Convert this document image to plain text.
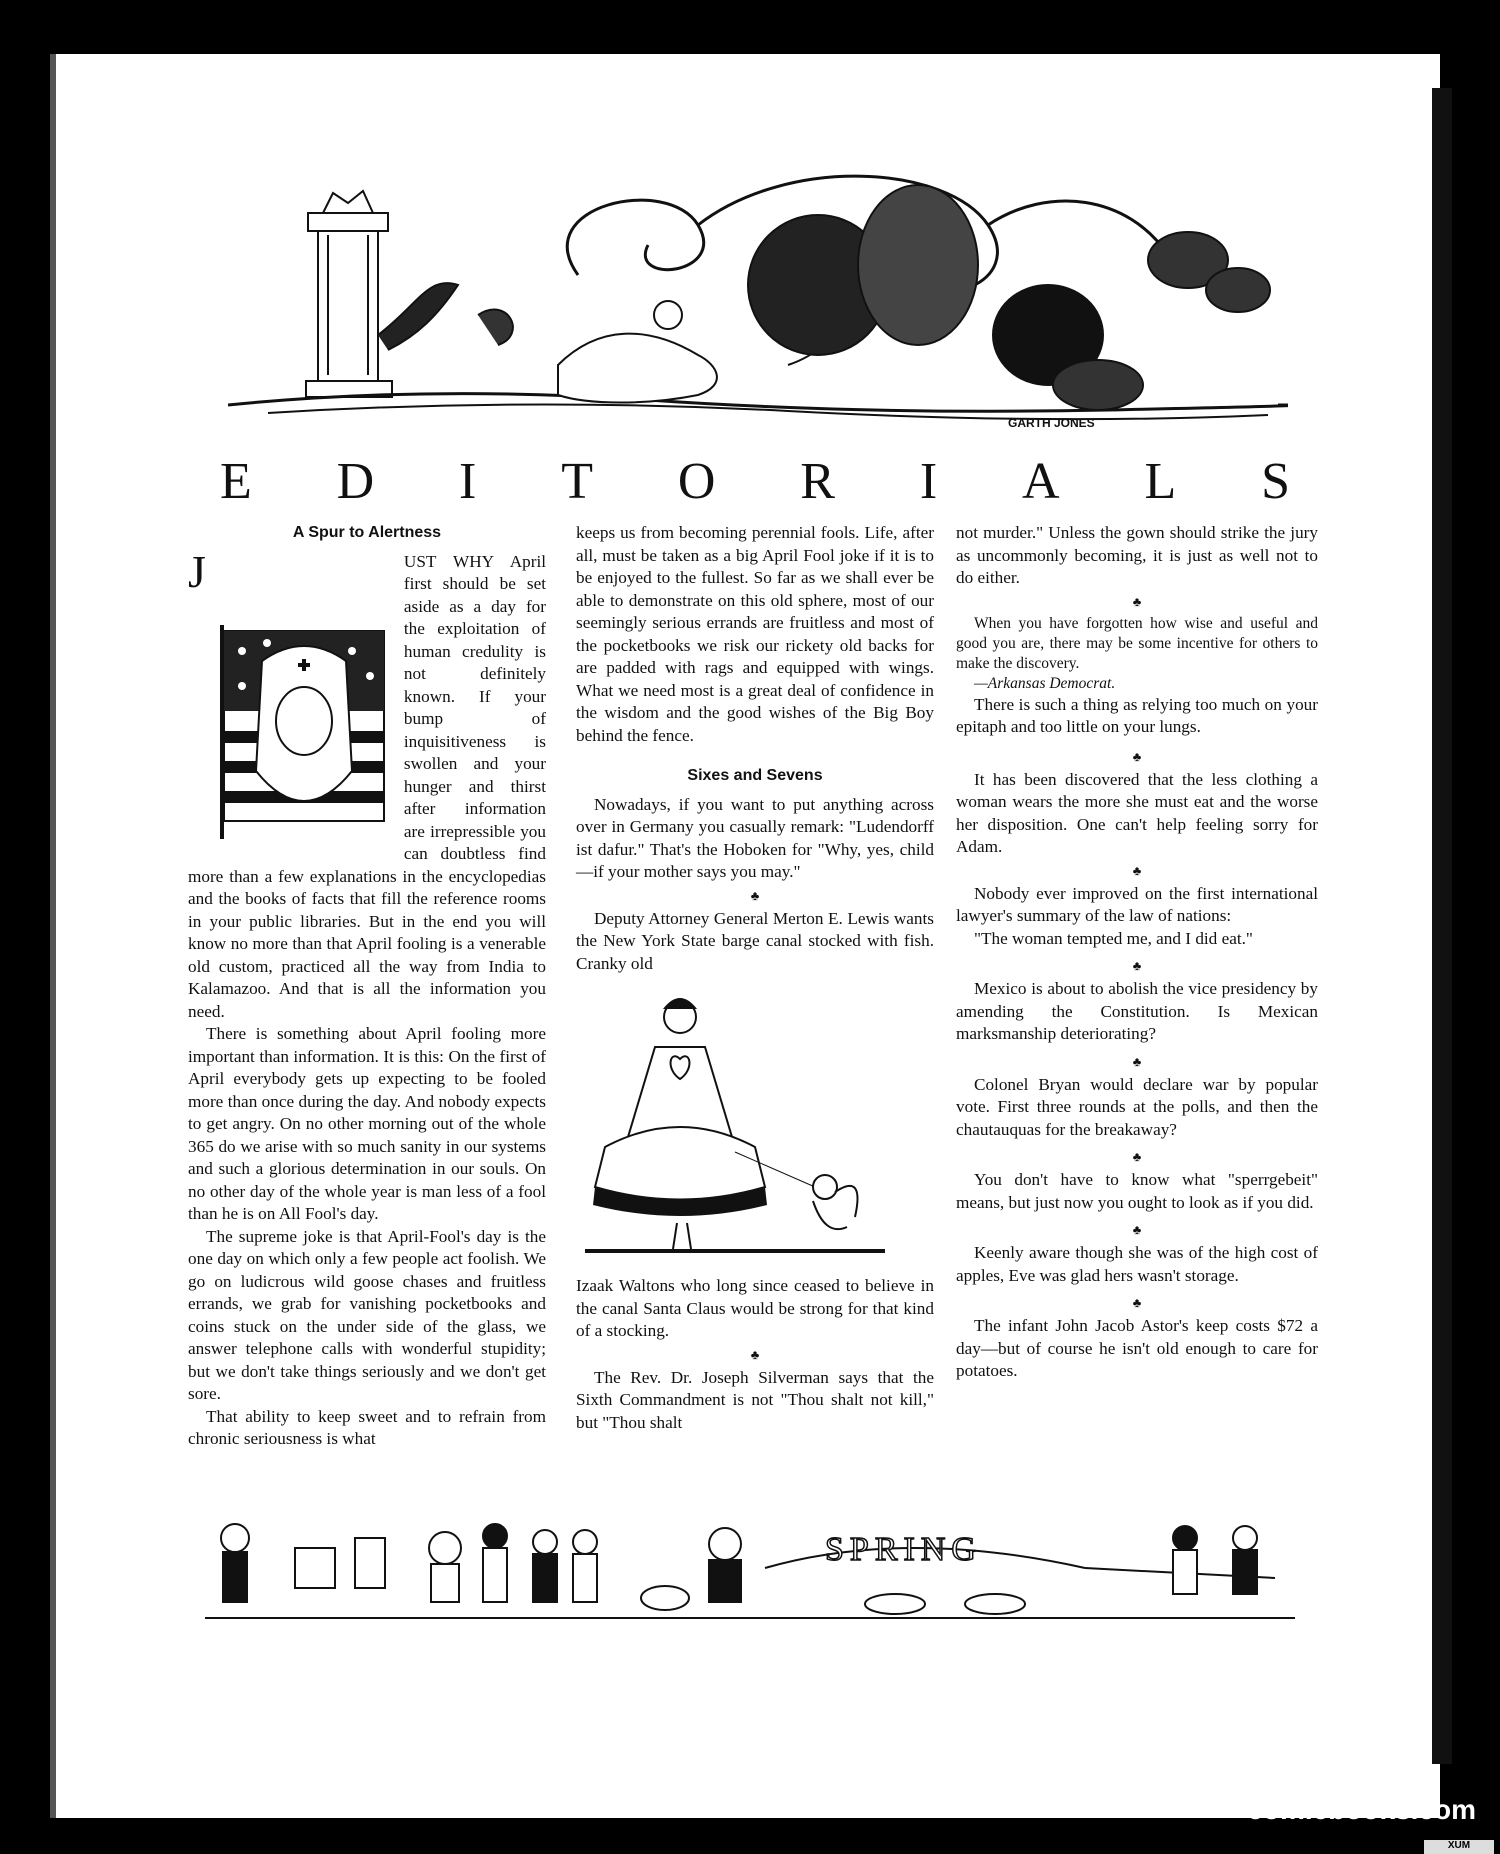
GARTH JONES
E D I T O R I A L S
A Spur to Alertness

J	UST WHY April first should be set aside as a day for the exploitation of human credulity is not definitely known. If your bump of inquisitiveness is swollen and your hunger and thirst after information are irrepressible you can doubtless find more than a few explanations in the encyclopedias and the books of facts that fill the reference rooms in your public libraries. But in the end you will know no more than that April fooling is a venerable old custom, practiced all the way from India to Kalamazoo. And that is all the information you need.

There is something about April fooling more important than information. It is this: On the first of April everybody gets up expecting to be fooled more than once during the day. And nobody expects to get angry. On no other morning out of the whole 365 do we arise with so much sanity in our systems and such a glorious determination in our souls. On no other day of the whole year is man less of a fool than he is on All Fool's day.

The supreme joke is that April-Fool's day is the one day on which only a few people act foolish. We go on ludicrous wild goose chases and fruitless errands, we grab for vanishing pocketbooks and coins stuck on the under side of the glass, we answer telephone calls with wonderful stupidity; but we don't take things seriously and we don't get sore.

That ability to keep sweet and to refrain from chronic seriousness is what

keeps us from becoming perennial fools. Life, after all, must be taken as a big April Fool joke if it is to be enjoyed to the fullest. So far as we shall ever be able to demonstrate on this old sphere, most of our seemingly serious errands are fruitless and most of the pocketbooks we risk our rickety old backs for are padded with rags and equipped with wings. What we need most is a great deal of confidence in the wisdom and the good wishes of the Big Boy behind the fence.

Sixes and Sevens

Nowadays, if you want to put anything across over in Germany you casually remark: "Ludendorff ist dafur." That's the Hoboken for "Why, yes, child—if your mother says you may."

♣

Deputy Attorney General Merton E. Lewis wants the New York State barge canal stocked with fish. Cranky old

Izaak Waltons who long since ceased to believe in the canal Santa Claus would be strong for that kind of a stocking.

♣

The Rev. Dr. Joseph Silverman says that the Sixth Commandment is not "Thou shalt not kill," but "Thou shalt

not murder." Unless the gown should strike the jury as uncommonly becoming, it is just as well not to do either.

♣

When you have forgotten how wise and useful and good you are, there may be some incentive for others to make the discovery.

—Arkansas Democrat.

There is such a thing as relying too much on your epitaph and too little on your lungs.

♣

It has been discovered that the less clothing a woman wears the more she must eat and the worse her disposition. One can't help feeling sorry for Adam.

♣

Nobody ever improved on the first international lawyer's summary of the law of nations:

"The woman tempted me, and I did eat."

♣

Mexico is about to abolish the vice presidency by amending the Constitution. Is Mexican marksmanship deteriorating?

♣

Colonel Bryan would declare war by popular vote. First three rounds at the polls, and then the chautauquas for the breakaway?

♣

You don't have to know what "sperrgebeit" means, but just now you ought to look as if you did.

♣

Keenly aware though she was of the high cost of apples, Eve was glad hers wasn't storage.

♣

The infant John Jacob Astor's keep costs $72 a day—but of course he isn't old enough to care for potatoes.

SPRING
comicbooks.com
XUM
